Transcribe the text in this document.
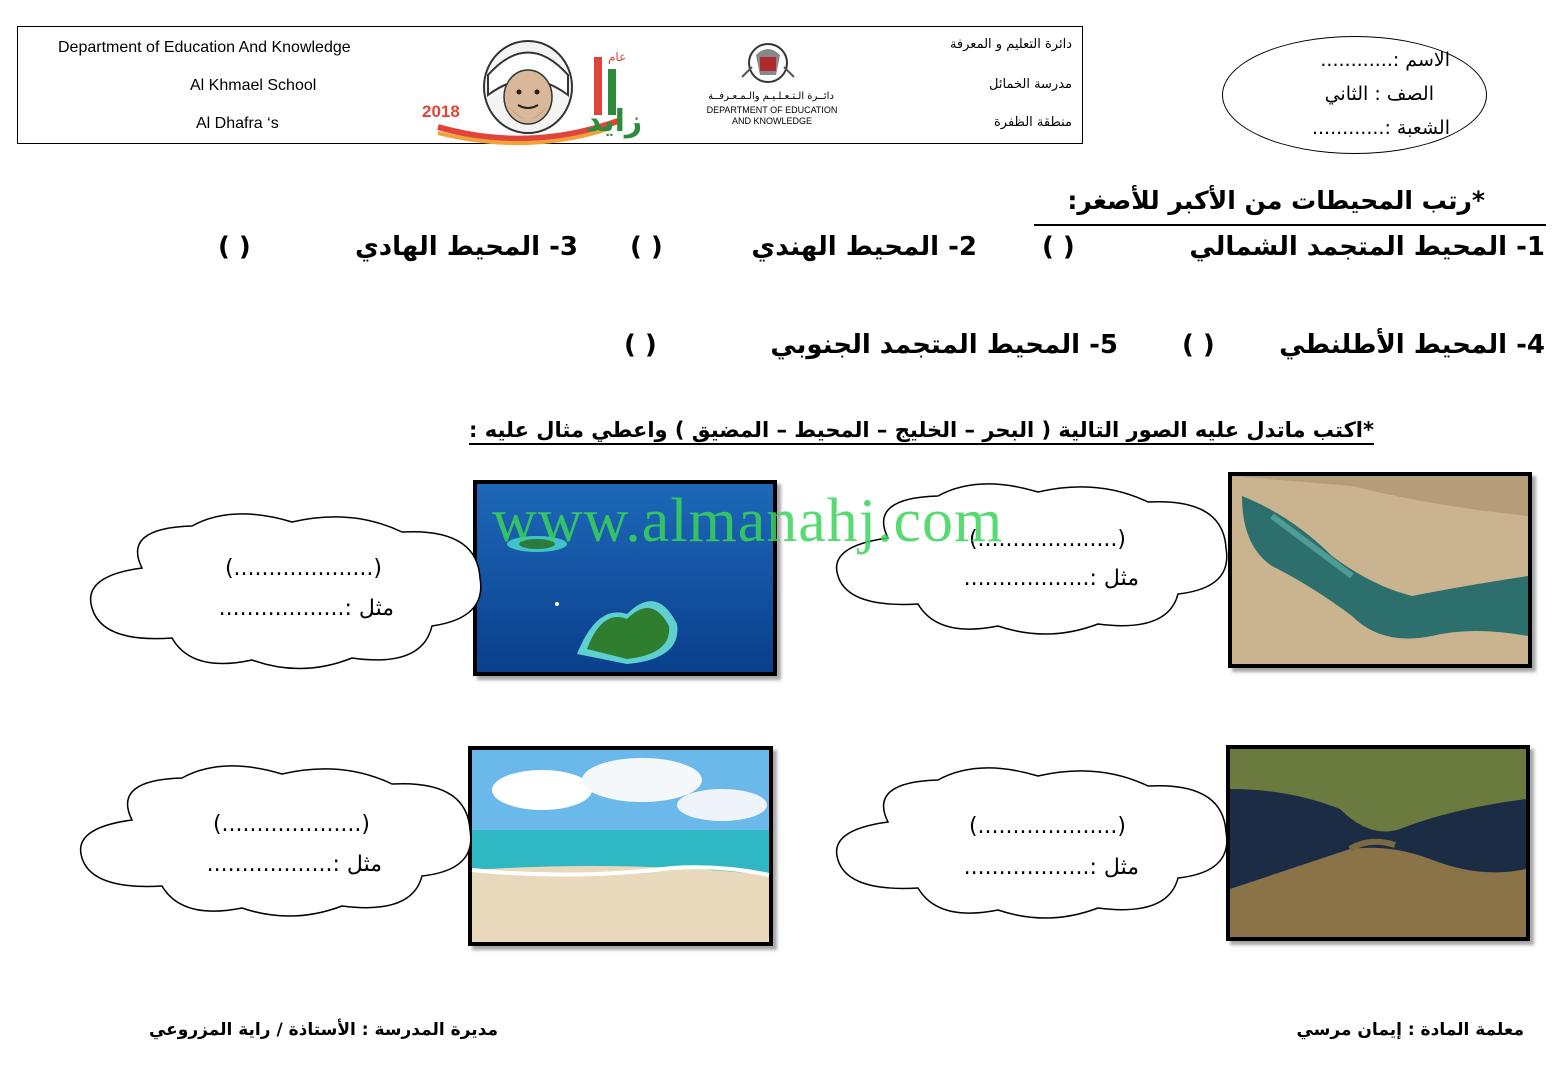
Department of Education And Knowledge
Al Khmael School
Al Dhafra ‘s
2018	زايد
عام
دائــرة الـتـعـلـيـم والـمـعـرفــة
DEPARTMENT OF EDUCATION
AND KNOWLEDGE
دائرة التعليم و المعرفة
مدرسة الخمائل
منطقة الظفرة
الاسم :............
الصف : الثاني
الشعبة :............
*رتب المحيطات من الأكبر للأصغر:
1- المحيط المتجمد الشمالي
( )
2- المحيط الهندي
( )
3- المحيط الهادي
( )
4- المحيط الأطلنطي
( )
5- المحيط المتجمد الجنوبي
( )
*اكتب ماتدل عليه الصور التالية ( البحر – الخليج – المحيط – المضيق ) واعطي مثال عليه :
(....................)
مثل :..................
(....................)
مثل :..................
(....................)
مثل :..................
(....................)
مثل :..................
www.almanahj.com
معلمة المادة : إيمان مرسي
مديرة المدرسة : الأستاذة / راية المزروعي
